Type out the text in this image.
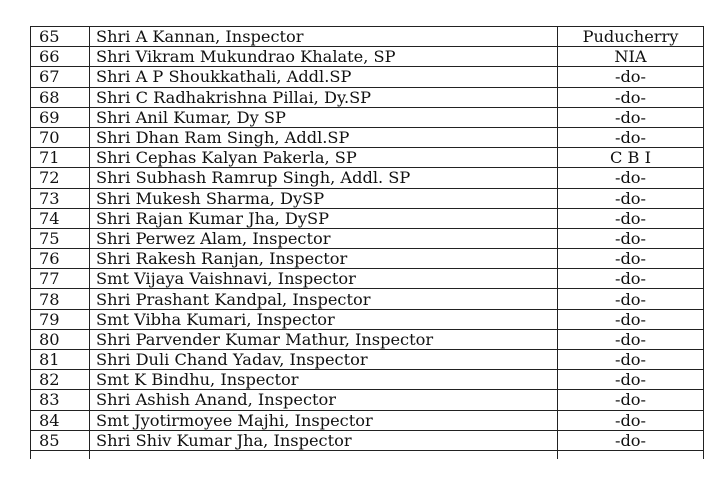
65	Shri A Kannan, Inspector	Puducherry
66	Shri Vikram Mukundrao Khalate, SP	NIA
67	Shri A P Shoukkathali, Addl.SP	-do-
68	Shri C Radhakrishna Pillai, Dy.SP	-do-
69	Shri Anil Kumar, Dy SP	-do-
70	Shri Dhan Ram Singh, Addl.SP	-do-
71	Shri Cephas Kalyan Pakerla, SP	C B I
72	Shri Subhash Ramrup Singh, Addl. SP	-do-
73	Shri Mukesh Sharma, DySP	-do-
74	Shri Rajan Kumar Jha, DySP	-do-
75	Shri Perwez Alam, Inspector	-do-
76	Shri Rakesh Ranjan, Inspector	-do-
77	Smt Vijaya Vaishnavi, Inspector	-do-
78	Shri Prashant Kandpal, Inspector	-do-
79	Smt Vibha Kumari, Inspector	-do-
80	Shri Parvender Kumar Mathur, Inspector	-do-
81	Shri Duli Chand Yadav, Inspector	-do-
82	Smt K Bindhu, Inspector	-do-
83	Shri Ashish Anand, Inspector	-do-
84	Smt Jyotirmoyee Majhi, Inspector	-do-
85	Shri Shiv Kumar Jha, Inspector	-do-
